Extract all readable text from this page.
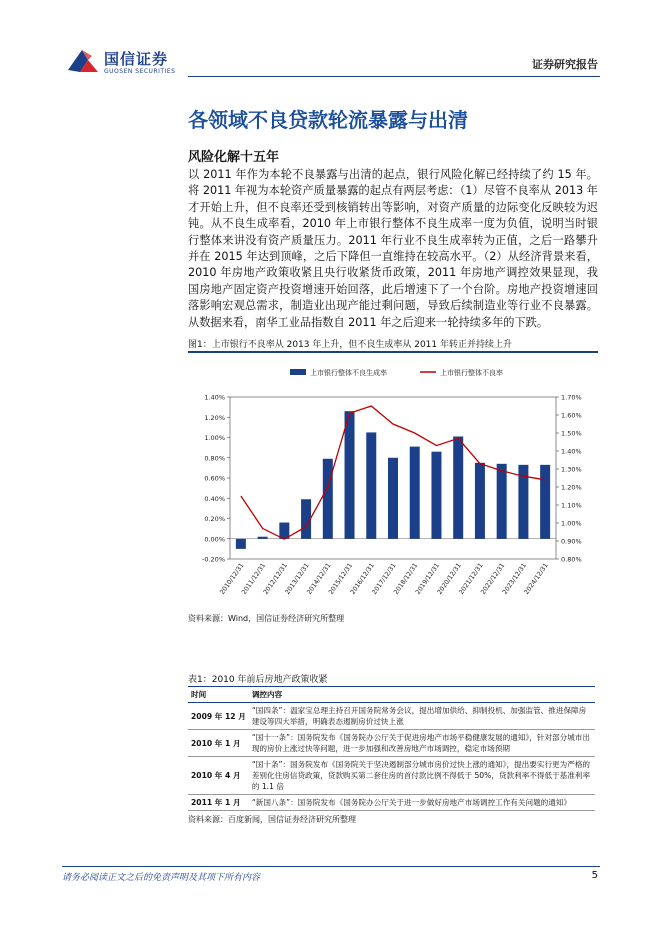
国信证券
GUOSEN SECURITIES
证券研究报告
各领域不良贷款轮流暴露与出清
风险化解十五年
以 2011 年作为本轮不良暴露与出清的起点，银行风险化解已经持续了约 15 年。将 2011 年视为本轮资产质量暴露的起点有两层考虑：（1）尽管不良率从 2013 年才开始上升，但不良率还受到核销转出等影响，对资产质量的边际变化反映较为迟钝。从不良生成率看，2010 年上市银行整体不良生成率一度为负值，说明当时银行整体来讲没有资产质量压力。2011 年行业不良生成率转为正值，之后一路攀升并在 2015 年达到顶峰，之后下降但一直维持在较高水平。（2）从经济背景来看，2010 年房地产政策收紧且央行收紧货币政策，2011 年房地产调控效果显现，我国房地产固定资产投资增速开始回落，此后增速下了一个台阶。房地产投资增速回落影响宏观总需求，制造业出现产能过剩问题，导致后续制造业等行业不良暴露。从数据来看，南华工业品指数自 2011 年之后迎来一轮持续多年的下跌。
图1：上市银行不良率从 2013 年上升，但不良生成率从 2011 年转正并持续上升
上市银行整体不良生成率	上市银行整体不良率
-0.20%
0.00%
0.20%
0.40%
0.60%
0.80%
1.00%
1.20%
1.40%
0.80%
0.90%
1.00%
1.10%
1.20%
1.30%
1.40%
1.50%
1.60%
1.70%
2010/12/31
2011/12/31
2012/12/31
2013/12/31
2014/12/31
2015/12/31
2016/12/31
2017/12/31
2018/12/31
2019/12/31
2020/12/31
2021/12/31
2022/12/31
2023/12/31
2024/12/31
资料来源：Wind，国信证券经济研究所整理
表1：2010 年前后房地产政策收紧
时间	调控内容
2009 年 12 月	“国四条”：温家宝总理主持召开国务院常务会议，提出增加供给、抑制投机、加强监管、推进保障房建设等四大举措，明确表态遏制房价过快上涨
2010 年 1 月	“国十一条”：国务院发布《国务院办公厅关于促进房地产市场平稳健康发展的通知》，针对部分城市出现的房价上涨过快等问题，进一步加强和改善房地产市场调控，稳定市场预期
2010 年 4 月	“国十条”：国务院发布《国务院关于坚决遏制部分城市房价过快上涨的通知》，提出要实行更为严格的差别化住房信贷政策，贷款购买第二套住房的首付款比例不得低于 50%，贷款利率不得低于基准利率的 1.1 倍
2011 年 1 月	“新国八条”：国务院发布《国务院办公厅关于进一步做好房地产市场调控工作有关问题的通知》
资料来源：百度新闻，国信证券经济研究所整理
请务必阅读正文之后的免责声明及其项下所有内容	5
